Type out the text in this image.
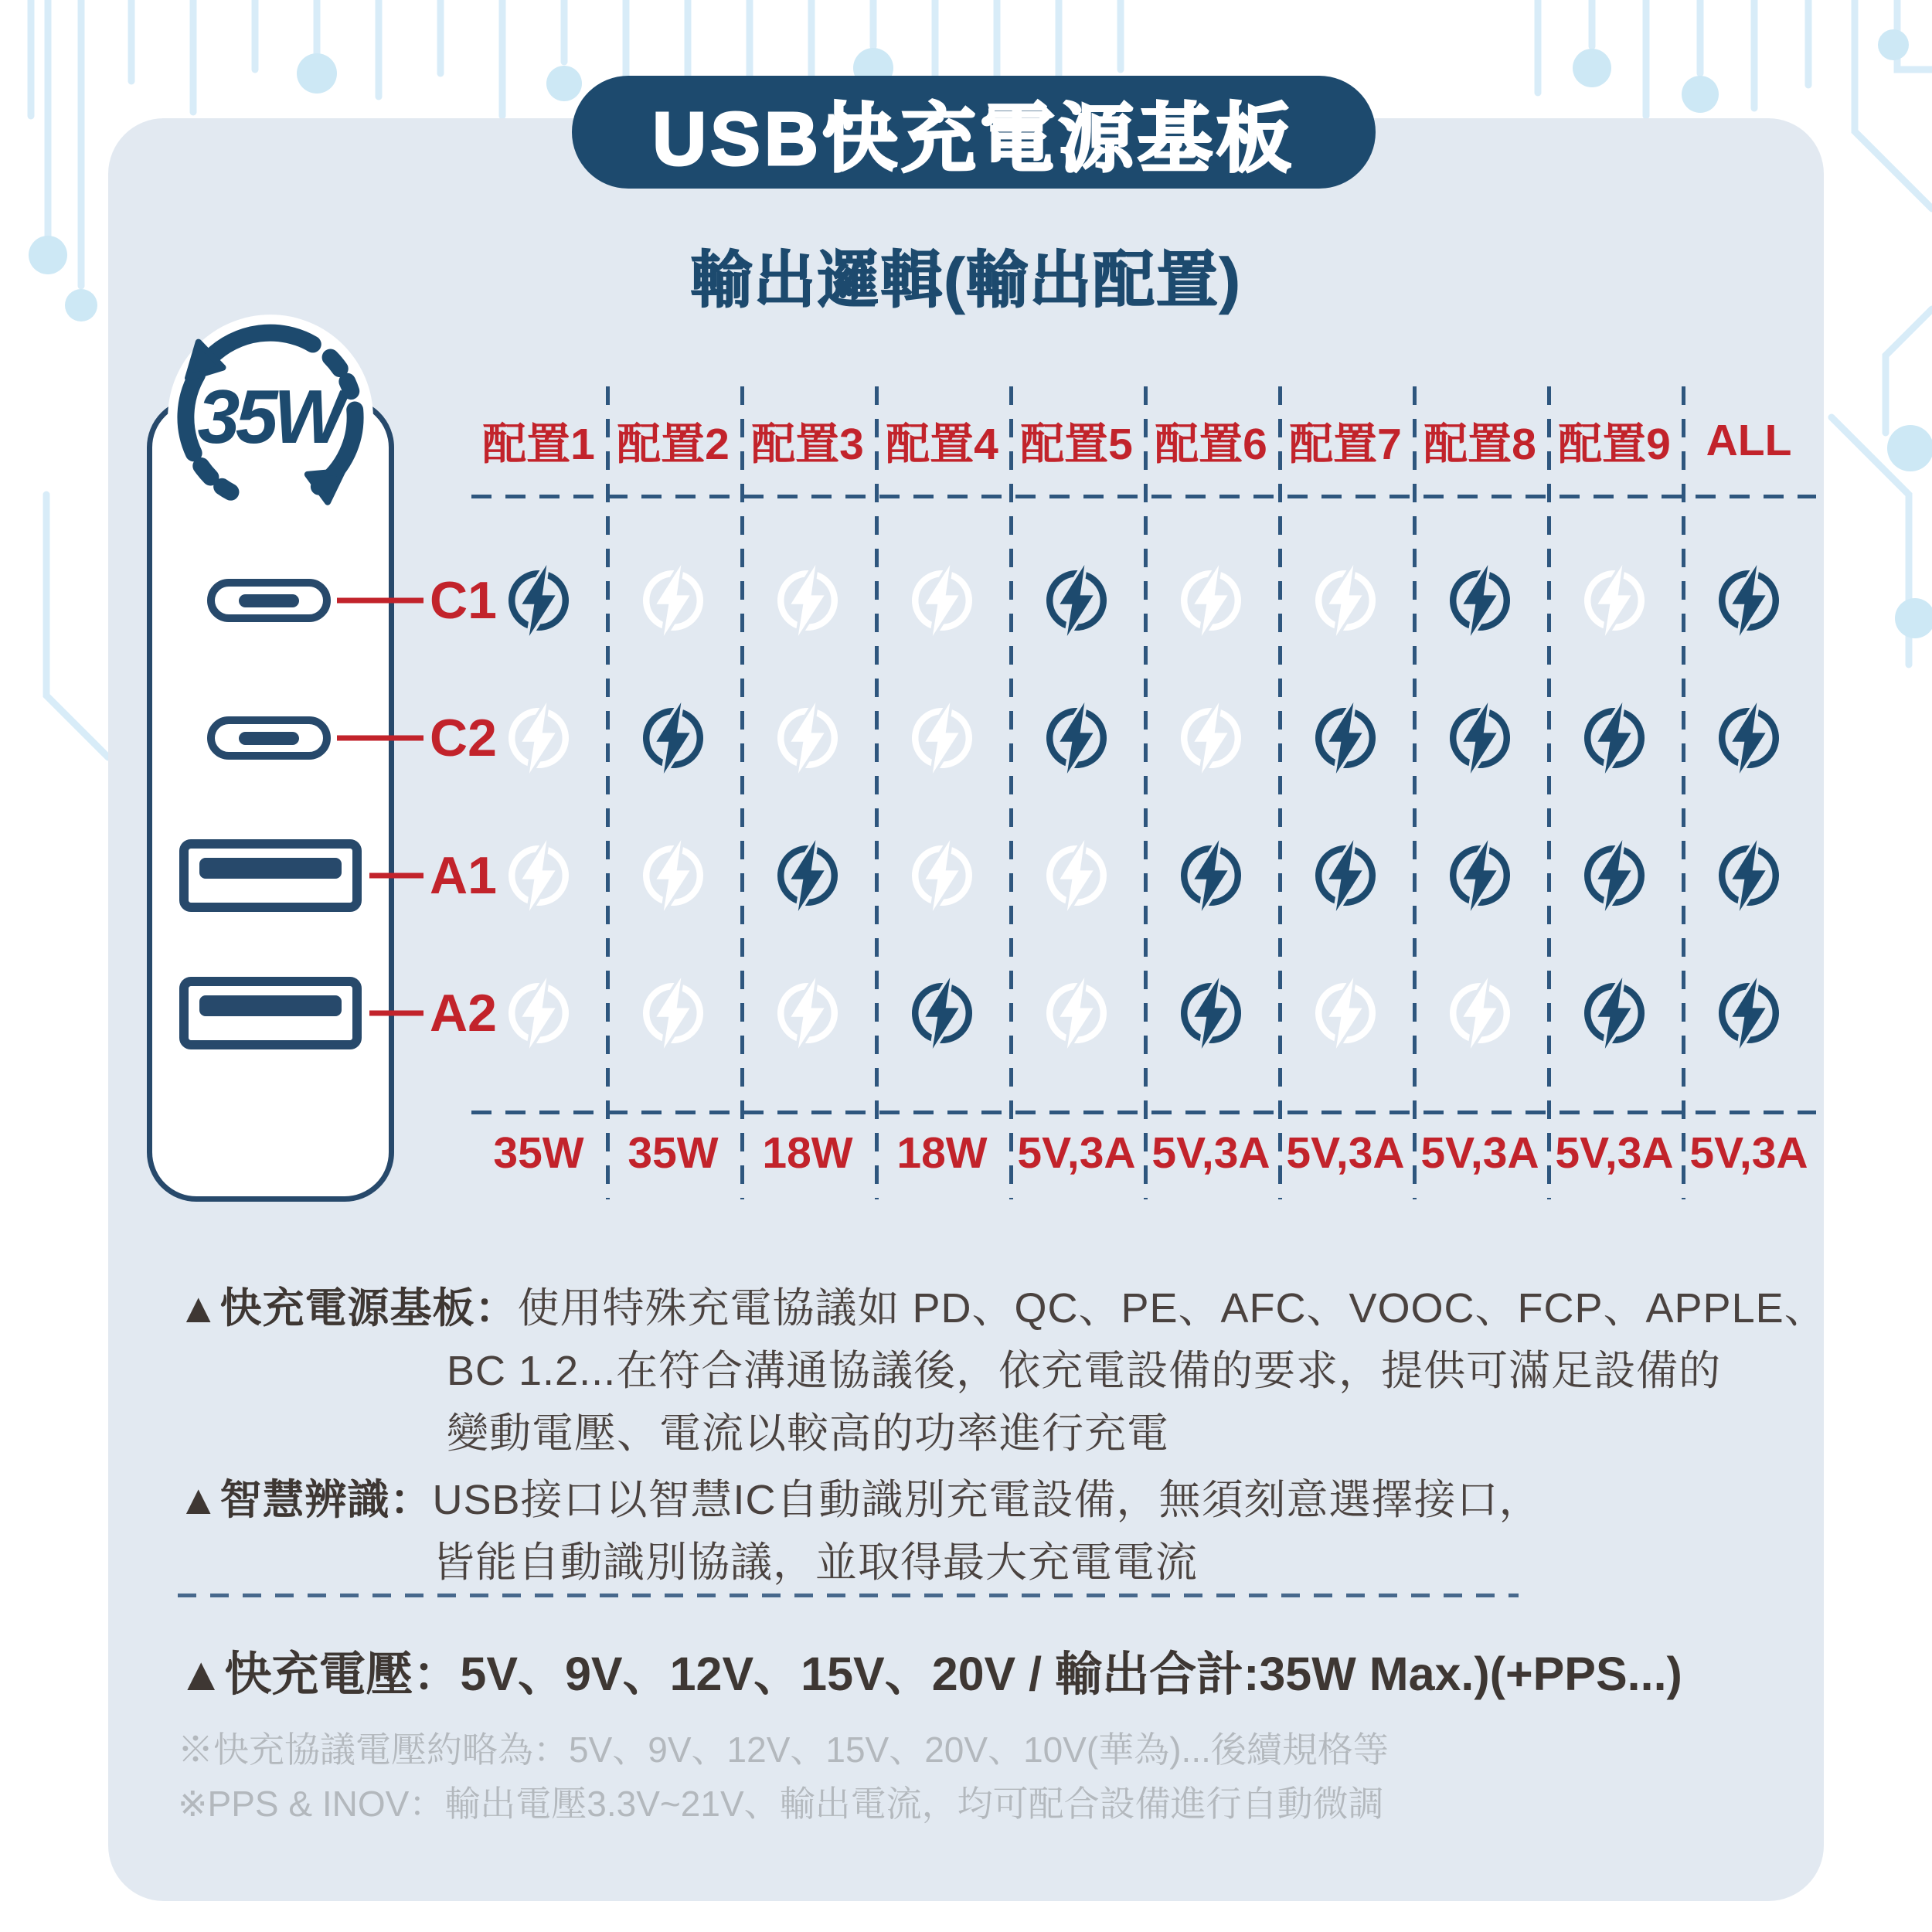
USB快充電源基板
輸出邏輯(輸出配置)
35W
C1
C2
A1
A2
配置1 配置2 配置3 配置4 配置5 配置6 配置7 配置8 配置9 ALL
35W 35W 18W 18W 5V,3A 5V,3A 5V,3A 5V,3A 5V,3A 5V,3A
▲快充電源基板：使用特殊充電協議如 PD、QC、PE、AFC、VOOC、FCP、APPLE、
BC 1.2...在符合溝通協議後，依充電設備的要求，提供可滿足設備的
變動電壓、電流以較高的功率進行充電
▲智慧辨識：USB接口以智慧IC自動識別充電設備，無須刻意選擇接口，
皆能自動識別協議，並取得最大充電電流
▲快充電壓：5V、9V、12V、15V、20V / 輸出合計:35W Max.)(+PPS...)
※快充協議電壓約略為：5V、9V、12V、15V、20V、10V(華為)...後續規格等
※PPS & INOV：輸出電壓3.3V~21V、輸出電流，均可配合設備進行自動微調
